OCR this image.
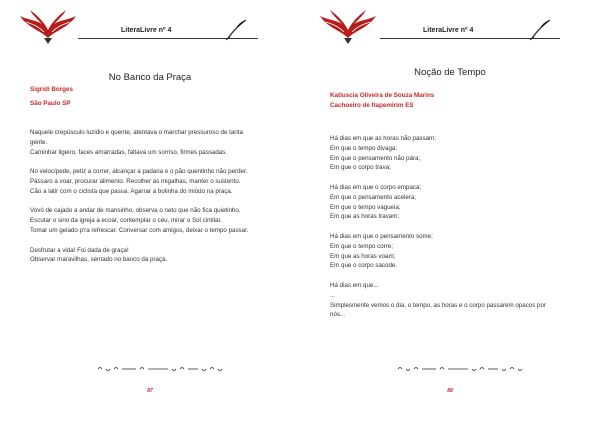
LiteraLivre nº 4
No Banco da Praça
Sigridi Borges
São Paulo SP

Naquele crepúsculo luzidio e quente, atentava o marchar pressuroso de tanta

gente.

Caminhar ligeiro, faces amarradas, faltava um sorriso, firmes passadas.

No velocípede, petiz a correr, alcançar a padaria e o pão quentinho não perder.

Pássaro a voar, procurar alimento. Recolher as migalhas, manter o sustento.

Cão a latir com o ciclista que passa. Agarrar a bolinha do miúdo na praça.

Vovó de cajado a andar de mansinho, observa o neto que não fica quietinho.

Escutar o sino da igreja a ecoar, contemplar o céu, mirar o Sol cintilar.

Tomar um gelado p'ra refrescar. Conversar com amigos, deixar o tempo passar.

Desfrutar a vida! Foi dada de graça!

Observar maravilhas, sentado no banco da praça.

87
LiteraLivre nº 4
Noção de Tempo
Katiuscia Oliveira de Souza Marins
Cachoeiro de Itapemirim ES

Há dias em que as horas não passam;

Em que o tempo divaga;

Em que o pensamento não pára;

Em que o corpo trava;

Há dias em que o corpo empaca;

Em que o pensamento acelera;

Em que o tempo vagueia;

Em que as horas travam;

Há dias em que o pensamento some;

Em que o tempo corre;

Em que as horas voam;

Em que o corpo sacode.

Há dias em que...

...

Simplesmente vemos o dia, o tempo, as horas e o corpo passarem opacos por

nós...

88
